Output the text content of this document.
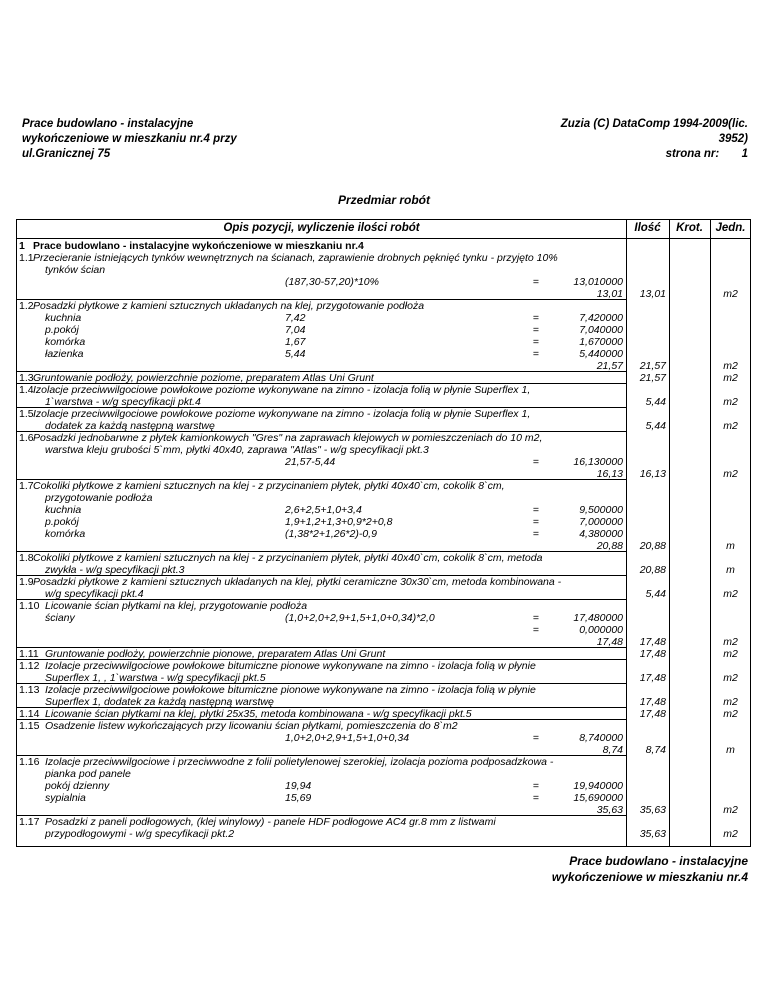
Prace budowlano - instalacyjne
wykończeniowe w mieszkaniu nr.4 przy
ul.Granicznej 75
Zuzia (C) DataComp 1994-2009(lic.
3952)
strona nr:       1
Przedmiar robót
Opis pozycji, wyliczenie ilości robót	Ilość	Krot.	Jedn.
1 Prace budowlano - instalacyjne wykończeniowe w mieszkaniu nr.4
1.1 Przecieranie istniejących tynków wewnętrznych na ścianach, zaprawienie drobnych pęknięć tynku - przyjęto 10%
tynków ścian
(187,30-57,20)*10%	=	13,010000
13,01	13,01	m2
1.2 Posadzki płytkowe z kamieni sztucznych układanych na klej, przygotowanie podłoża
kuchnia	7,42	=	7,420000
p.pokój	7,04	=	7,040000
komórka	1,67	=	1,670000
łazienka	5,44	=	5,440000
21,57	21,57	m2
1.3 Gruntowanie podłoży, powierzchnie poziome, preparatem Atlas Uni Grunt	21,57	m2
1.4 Izolacje przeciwwilgociowe powłokowe poziome wykonywane na zimno - izolacja folią w płynie Superflex 1,
1`warstwa - w/g specyfikacji pkt.4	5,44	m2
1.5 Izolacje przeciwwilgociowe powłokowe poziome wykonywane na zimno - izolacja folią w płynie Superflex 1,
dodatek za każdą następną warstwę	5,44	m2
1.6 Posadzki jednobarwne z płytek kamionkowych "Gres" na zaprawach klejowych w pomieszczeniach do 10 m2,
warstwa kleju grubości 5`mm, płytki 40x40, zaprawa "Atlas" - w/g specyfikacji pkt.3
21,57-5,44	=	16,130000
16,13	16,13	m2
1.7 Cokoliki płytkowe z kamieni sztucznych na klej - z przycinaniem płytek, płytki 40x40`cm, cokolik 8`cm,
przygotowanie podłoża
kuchnia	2,6+2,5+1,0+3,4	=	9,500000
p.pokój	1,9+1,2+1,3+0,9*2+0,8	=	7,000000
komórka	(1,38*2+1,26*2)-0,9	=	4,380000
20,88	20,88	m
1.8 Cokoliki płytkowe z kamieni sztucznych na klej - z przycinaniem płytek, płytki 40x40`cm, cokolik 8`cm, metoda
zwykła - w/g specyfikacji pkt.3	20,88	m
1.9 Posadzki płytkowe z kamieni sztucznych układanych na klej, płytki ceramiczne 30x30`cm, metoda kombinowana -
w/g specyfikacji pkt.4	5,44	m2
1.10 Licowanie ścian płytkami na klej, przygotowanie podłoża
ściany	(1,0+2,0+2,9+1,5+1,0+0,34)*2,0	=	17,480000
=	0,000000
17,48	17,48	m2
1.11 Gruntowanie podłoży, powierzchnie pionowe, preparatem Atlas Uni Grunt	17,48	m2
1.12 Izolacje przeciwwilgociowe powłokowe bitumiczne pionowe wykonywane na zimno - izolacja folią w płynie
Superflex 1, , 1`warstwa - w/g specyfikacji pkt.5	17,48	m2
1.13 Izolacje przeciwwilgociowe powłokowe bitumiczne pionowe wykonywane na zimno - izolacja folią w płynie
Superflex 1, dodatek za każdą następną warstwę	17,48	m2
1.14 Licowanie ścian płytkami na klej, płytki 25x35, metoda kombinowana - w/g specyfikacji pkt.5	17,48	m2
1.15 Osadzenie listew wykończających przy licowaniu ścian płytkami, pomieszczenia do 8`m2
1,0+2,0+2,9+1,5+1,0+0,34	=	8,740000
8,74	8,74	m
1.16 Izolacje przeciwwilgociowe i przeciwwodne z folii polietylenowej szerokiej, izolacja pozioma podposadzkowa -
pianka pod panele
pokój dzienny	19,94	=	19,940000
sypialnia	15,69	=	15,690000
35,63	35,63	m2
1.17 Posadzki z paneli podłogowych, (klej winylowy) - panele HDF podłogowe AC4 gr.8 mm z listwami
przypodłogowymi - w/g specyfikacji pkt.2	35,63	m2
Prace budowlano - instalacyjne
wykończeniowe w mieszkaniu nr.4
